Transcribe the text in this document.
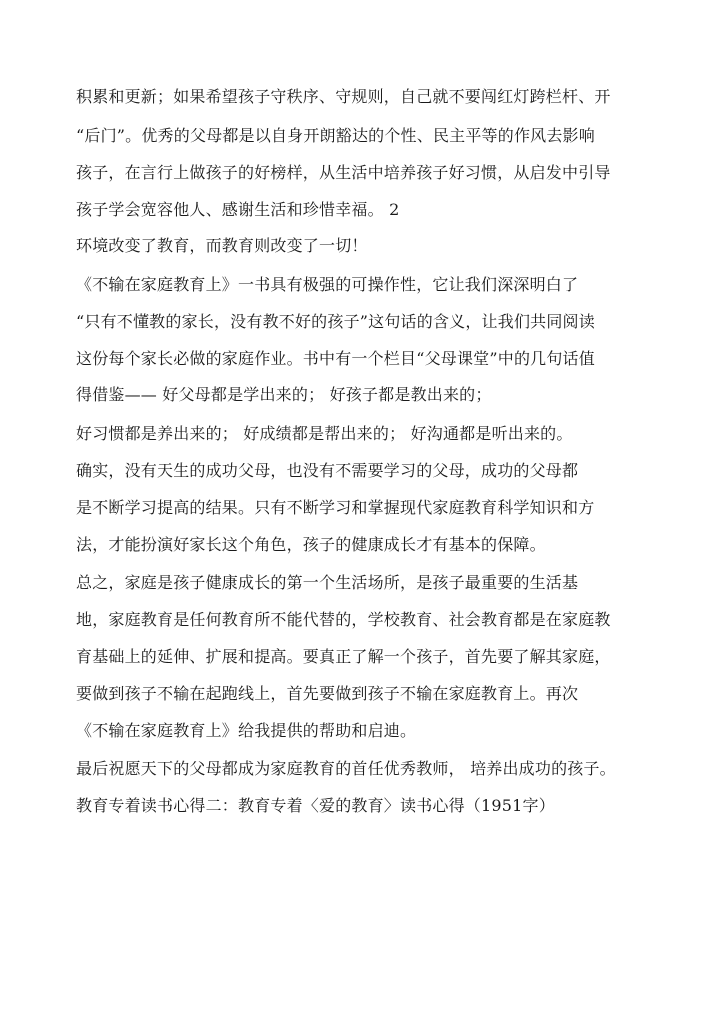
积累和更新；如果希望孩子守秩序、守规则，自己就不要闯红灯跨栏杆、开
“后门”。优秀的父母都是以自身开朗豁达的个性、民主平等的作风去影响
孩子，在言行上做孩子的好榜样，从生活中培养孩子好习惯，从启发中引导
孩子学会宽容他人、感谢生活和珍惜幸福。 2
环境改变了教育，而教育则改变了一切！
《不输在家庭教育上》一书具有极强的可操作性，它让我们深深明白了
“只有不懂教的家长，没有教不好的孩子”这句话的含义，让我们共同阅读
这份每个家长必做的家庭作业。书中有一个栏目“父母课堂”中的几句话值
得借鉴—— 好父母都是学出来的； 好孩子都是教出来的；
好习惯都是养出来的； 好成绩都是帮出来的； 好沟通都是听出来的。
确实，没有天生的成功父母，也没有不需要学习的父母，成功的父母都
是不断学习提高的结果。只有不断学习和掌握现代家庭教育科学知识和方
法，才能扮演好家长这个角色，孩子的健康成长才有基本的保障。
总之，家庭是孩子健康成长的第一个生活场所，是孩子最重要的生活基
地，家庭教育是任何教育所不能代替的，学校教育、社会教育都是在家庭教
育基础上的延伸、扩展和提高。要真正了解一个孩子，首先要了解其家庭，
要做到孩子不输在起跑线上，首先要做到孩子不输在家庭教育上。再次
《不输在家庭教育上》给我提供的帮助和启迪。
最后祝愿天下的父母都成为家庭教育的首任优秀教师， 培养出成功的孩子。
教育专着读书心得二：教育专着〈爱的教育〉读书心得（1951字）
